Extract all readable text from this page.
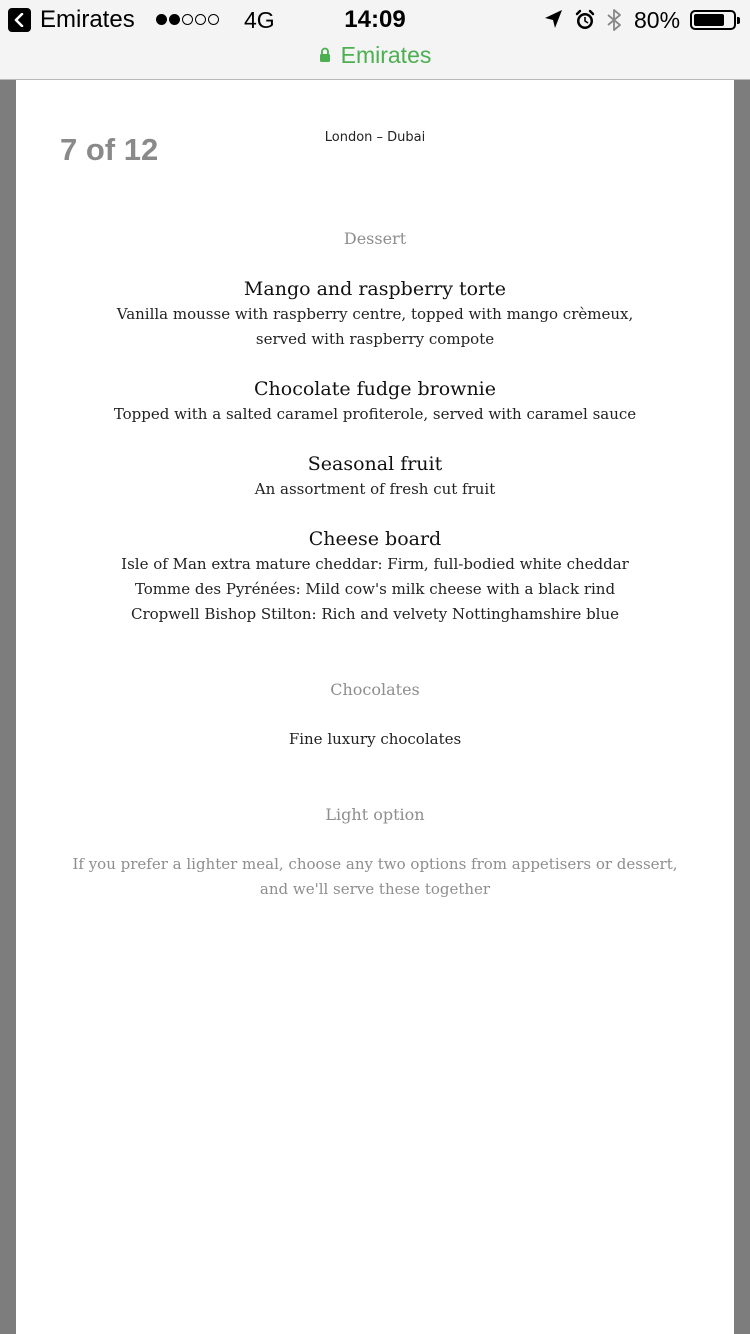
Emirates	4G	14:09	80%
Emirates
7 of 12	London – Dubai
Dessert
Mango and raspberry torte
Vanilla mousse with raspberry centre, topped with mango crèmeux,
served with raspberry compote
Chocolate fudge brownie
Topped with a salted caramel profiterole, served with caramel sauce
Seasonal fruit
An assortment of fresh cut fruit
Cheese board
Isle of Man extra mature cheddar: Firm, full-bodied white cheddar
Tomme des Pyrénées: Mild cow's milk cheese with a black rind
Cropwell Bishop Stilton: Rich and velvety Nottinghamshire blue
Chocolates
Fine luxury chocolates
Light option
If you prefer a lighter meal, choose any two options from appetisers or dessert,
and we'll serve these together
